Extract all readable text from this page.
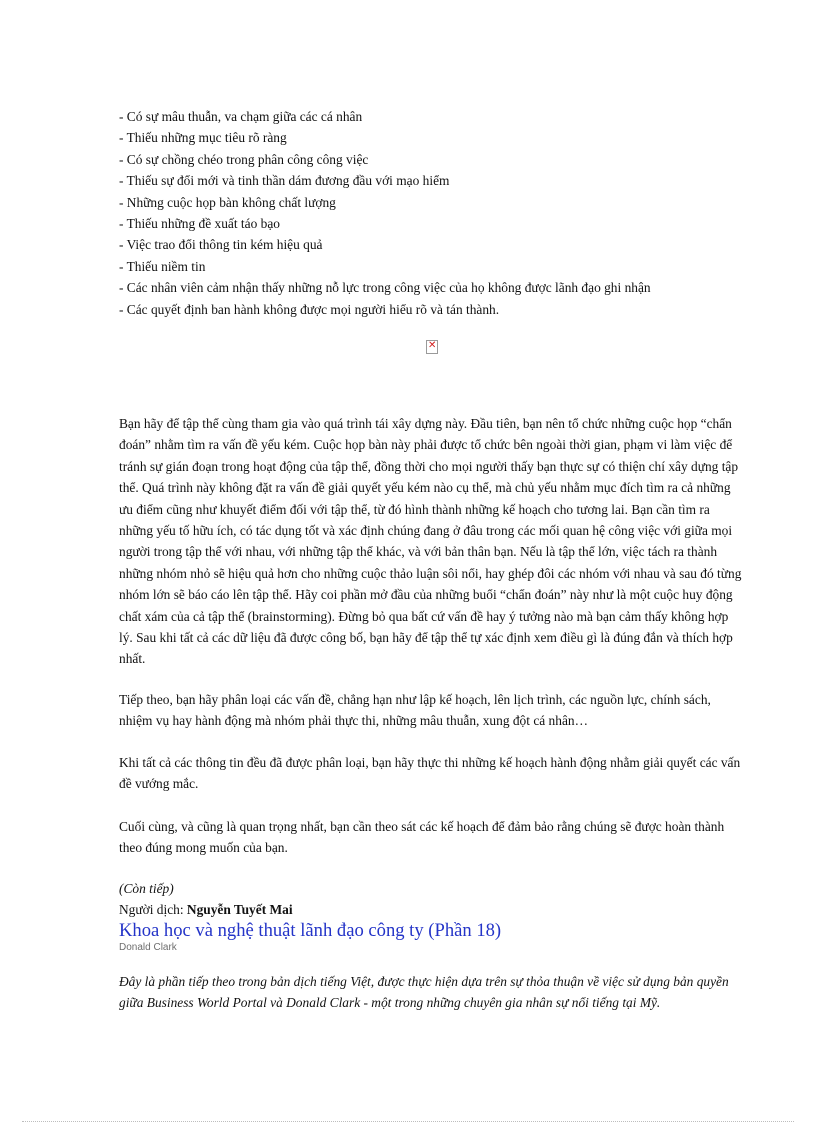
- Có sự mâu thuẫn, va chạm giữa các cá nhân
- Thiếu những mục tiêu rõ ràng
- Có sự chồng chéo trong phân công công việc
- Thiếu sự đổi mới và tinh thần dám đương đầu với mạo hiểm
- Những cuộc họp bàn không chất lượng
- Thiếu những đề xuất táo bạo
- Việc trao đổi thông tin kém hiệu quả
- Thiếu niềm tin
- Các nhân viên cảm nhận thấy những nỗ lực trong công việc của họ không được lãnh đạo ghi nhận
- Các quyết định ban hành không được mọi người hiểu rõ và tán thành.
✕

Bạn hãy để tập thể cùng tham gia vào quá trình tái xây dựng này. Đầu tiên, bạn nên tổ chức những cuộc họp “chẩn đoán” nhằm tìm ra vấn đề yếu kém. Cuộc họp bàn này phải được tổ chức bên ngoài thời gian, phạm vi làm việc để tránh sự gián đoạn trong hoạt động của tập thể, đồng thời cho mọi người thấy bạn thực sự có thiện chí xây dựng tập thể. Quá trình này không đặt ra vấn đề giải quyết yếu kém nào cụ thể, mà chủ yếu nhằm mục đích tìm ra cả những ưu điểm cũng như khuyết điểm đối với tập thể, từ đó hình thành những kế hoạch cho tương lai. Bạn cần tìm ra những yếu tố hữu ích, có tác dụng tốt và xác định chúng đang ở đâu trong các mối quan hệ công việc với giữa mọi người trong tập thể với nhau, với những tập thể khác, và với bản thân bạn. Nếu là tập thể lớn, việc tách ra thành những nhóm nhỏ sẽ hiệu quả hơn cho những cuộc thảo luận sôi nổi, hay ghép đôi các nhóm với nhau và sau đó từng nhóm lớn sẽ báo cáo lên tập thể. Hãy coi phần mở đầu của những buổi “chẩn đoán” này như là một cuộc huy động chất xám của cả tập thể (brainstorming). Đừng bỏ qua bất cứ vấn đề hay ý tưởng nào mà bạn cảm thấy không hợp lý. Sau khi tất cả các dữ liệu đã được công bố, bạn hãy để tập thể tự xác định xem điều gì là đúng đắn và thích hợp nhất.

Tiếp theo, bạn hãy phân loại các vấn đề, chẳng hạn như lập kế hoạch, lên lịch trình, các nguồn lực, chính sách, nhiệm vụ hay hành động mà nhóm phải thực thi, những mâu thuẫn, xung đột cá nhân…

Khi tất cả các thông tin đều đã được phân loại, bạn hãy thực thi những kế hoạch hành động nhằm giải quyết các vấn đề vướng mắc.

Cuối cùng, và cũng là quan trọng nhất, bạn cần theo sát các kế hoạch để đảm bảo rằng chúng sẽ được hoàn thành theo đúng mong muốn của bạn.

(Còn tiếp)
Người dịch: Nguyễn Tuyết Mai
Khoa học và nghệ thuật lãnh đạo công ty (Phần 18)
Donald Clark

Đây là phần tiếp theo trong bản dịch tiếng Việt, được thực hiện dựa trên sự thỏa thuận về việc sử dụng bản quyền giữa Business World Portal và Donald Clark - một trong những chuyên gia nhân sự nổi tiếng tại Mỹ.
